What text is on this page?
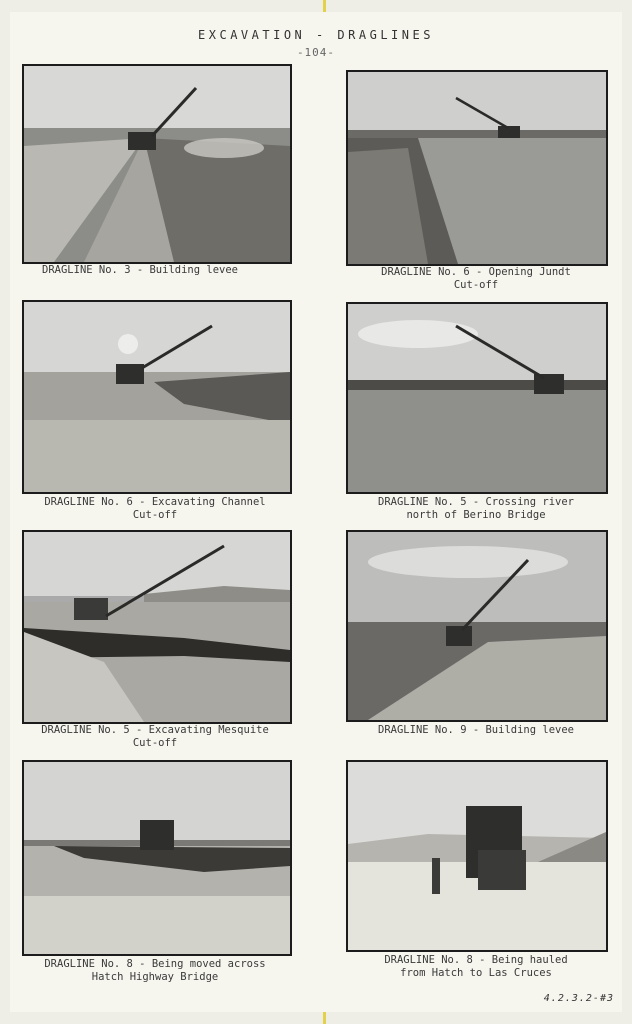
EXCAVATION - DRAGLINES
-104-
DRAGLINE No. 3 - Building levee	DRAGLINE No. 6 - Opening Jundt
Cut-off
DRAGLINE No. 6 - Excavating Channel
Cut-off
DRAGLINE No. 5 - Crossing river
north of Berino Bridge
DRAGLINE No. 5 - Excavating Mesquite
Cut-off
DRAGLINE No. 9 - Building levee
DRAGLINE No. 8 - Being moved across
Hatch Highway Bridge
DRAGLINE No. 8 - Being hauled
from Hatch to Las Cruces
4.2.3.2-#3
